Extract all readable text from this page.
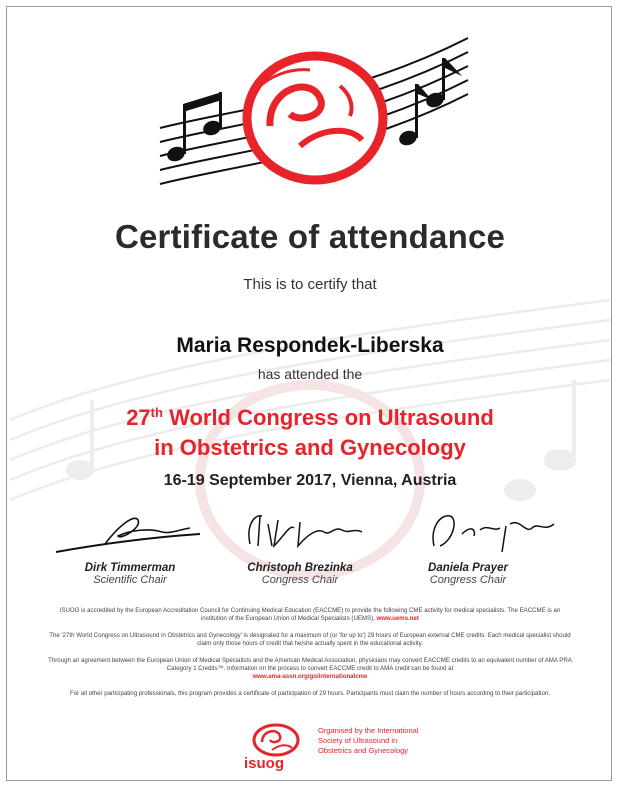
Certificate of attendance
This is to certify that
Maria Respondek-Liberska
has attended the
27th World Congress on Ultrasound
in Obstetrics and Gynecology
16-19 September 2017, Vienna, Austria
Dirk Timmerman
Scientific Chair
Christoph Brezinka
Congress Chair
Daniela Prayer
Congress Chair
ISUOG is accredited by the European Accreditation Council for Continuing Medical Education (EACCME) to provide the following CME activity for medical specialists. The EACCME is an institution of the European Union of Medical Specialists (UEMS), www.uems.net
The '27th World Congress on Ultrasound in Obstetrics and Gynecology' is designated for a maximum of (or 'for up to') 29 hours of European external CME credits. Each medical specialist should claim only those hours of credit that he/she actually spent in the educational activity.
Through an agreement between the European Union of Medical Specialists and the American Medical Association, physicians may convert EACCME credits to an equivalent number of AMA PRA Category 1 Credits™. Information on the process to convert EACCME credit to AMA credit can be found at
www.ama-assn.org/go/internationalcme
For all other participating professionals, this program provides a certificate of participation of 29 hours. Participants must claim the number of hours according to their participation.
isuog
Organised by the International Society of Ultrasound in Obstetrics and Gynecology
